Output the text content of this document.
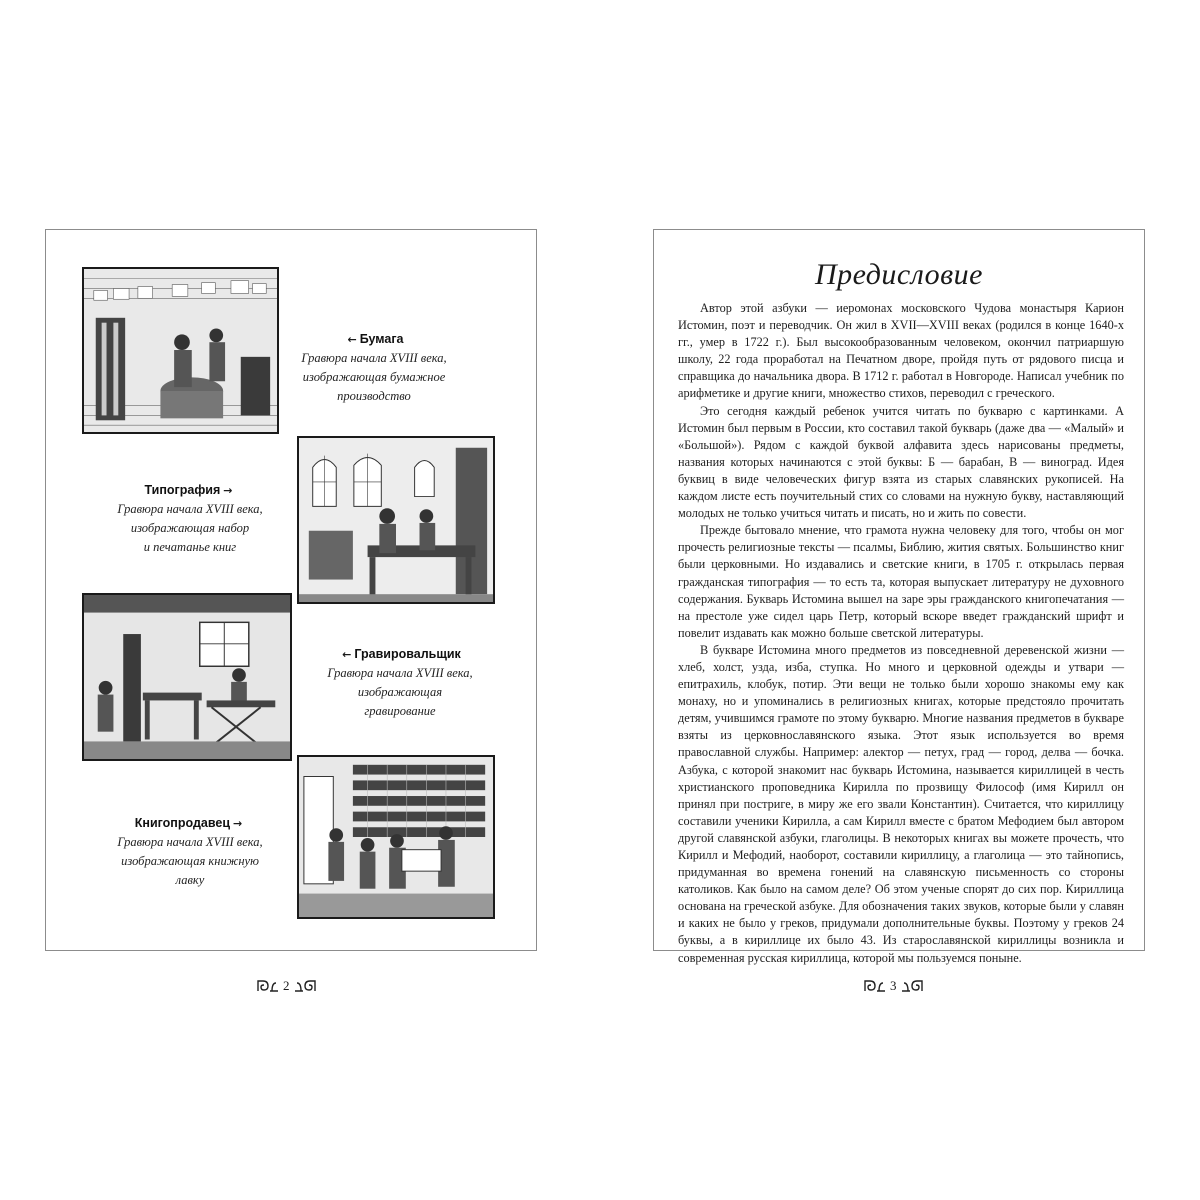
← Бумага
Гравюра начала XVIII века,
изображающая бумажное
производство
Типография →
Гравюра начала XVIII века,
изображающая набор
и печатанье книг
← Гравировальщик
Гравюра начала XVIII века,
изображающая
гравирование
Книгопродавец →
Гравюра начала XVIII века,
изображающая книжную
лавку
Предисловие

Автор этой азбуки — иеромонах московского Чудова монастыря Карион Истомин, поэт и переводчик. Он жил в XVII—XVIII веках (родился в конце 1640-х гг., умер в 1722 г.). Был высокообразованным человеком, окончил патриаршую школу, 22 года проработал на Печатном дворе, пройдя путь от рядового писца и справщика до начальника двора. В 1712 г. работал в Новгороде. Написал учебник по арифметике и другие книги, множество стихов, переводил с греческого.

Это сегодня каждый ребенок учится читать по букварю с картинками. А Истомин был первым в России, кто составил такой букварь (даже два — «Малый» и «Большой»). Рядом с каждой буквой алфавита здесь нарисованы предметы, названия которых начинаются с этой буквы: Б — барабан, В — виноград. Идея буквиц в виде человеческих фигур взята из старых славянских рукописей. На каждом листе есть поучительный стих со словами на нужную букву, наставляющий молодых не только учиться читать и писать, но и жить по совести.

Прежде бытовало мнение, что грамота нужна человеку для того, чтобы он мог прочесть религиозные тексты — псалмы, Библию, жития святых. Большинство книг были церковными. Но издавались и светские книги, в 1705 г. открылась первая гражданская типография — то есть та, которая выпускает литературу не духовного содержания. Букварь Истомина вышел на заре эры гражданского книгопечатания — на престоле уже сидел царь Петр, который вскоре введет гражданский шрифт и повелит издавать как можно больше светской литературы.

В букваре Истомина много предметов из повседневной деревенской жизни — хлеб, холст, узда, изба, ступка. Но много и церковной одежды и утвари — епитрахиль, клобук, потир. Эти вещи не только были хорошо знакомы ему как монаху, но и упоминались в религиозных книгах, которые предстояло прочитать детям, учившимся грамоте по этому букварю. Многие названия предметов в букваре взяты из церковнославянского языка. Этот язык используется во время православной службы. Например: алектор — петух, град — город, делва — бочка. Азбука, с которой знакомит нас букварь Истомина, называется кириллицей в честь христианского проповедника Кирилла по прозвищу Философ (имя Кирилл он принял при постриге, в миру же его звали Константин). Считается, что кириллицу составили ученики Кирилла, а сам Кирилл вместе с братом Мефодием был автором другой славянской азбуки, глаголицы. В некоторых книгах вы можете прочесть, что Кирилл и Мефодий, наоборот, составили кириллицу, а глаголица — это тайнопись, придуманная во времена гонений на славянскую письменность со стороны католиков. Как было на самом деле? Об этом ученые спорят до сих пор. Кириллица основана на греческой азбуке. Для обозначения таких звуков, которые были у славян и каких не было у греков, придумали дополнительные буквы. Поэтому у греков 24 буквы, а в кириллице их было 43. Из старославянской кириллицы возникла и современная русская кириллица, которой мы пользуемся поныне.

2	3
